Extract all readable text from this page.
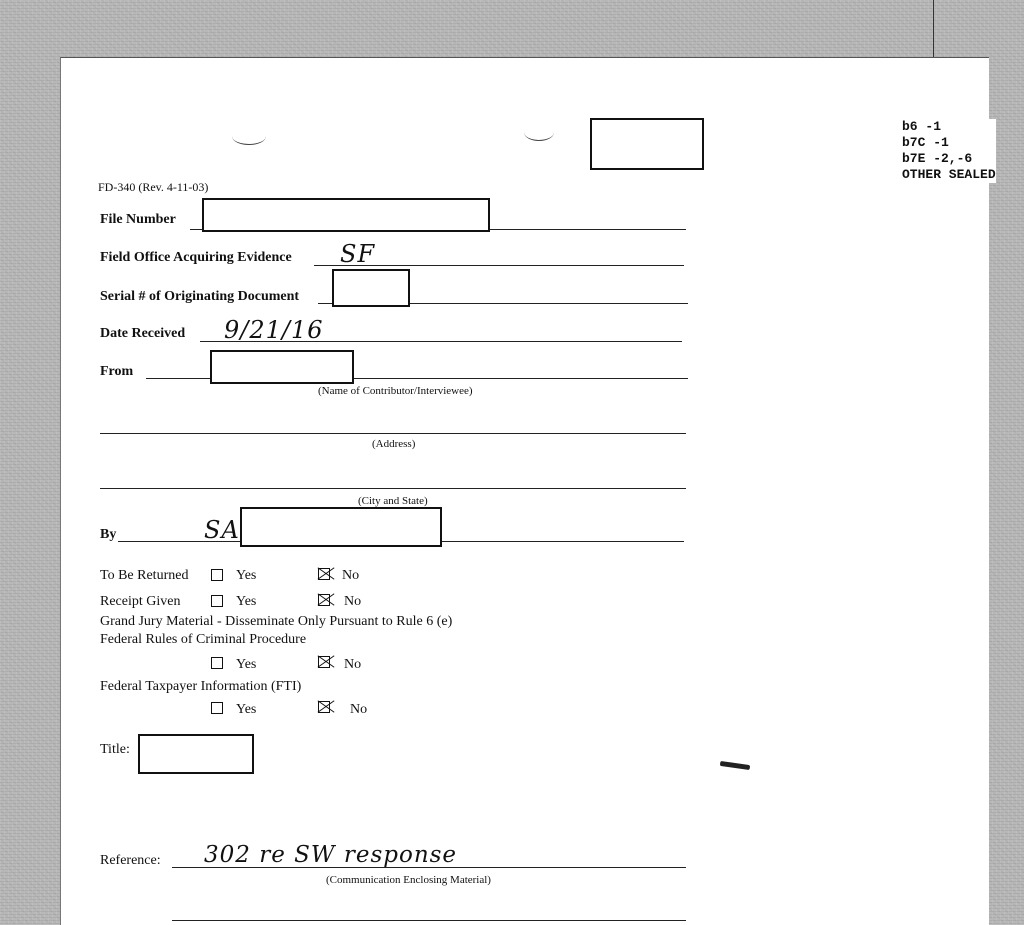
b6 -1
b7C -1
b7E -2,-6
OTHER SEALED
FD-340 (Rev. 4-11-03)
File Number
Field Office Acquiring Evidence SF
Serial # of Originating Document
Date Received 9/21/16
From
(Name of Contributor/Interviewee)
(Address)
(City and State)
By	SA
To Be Returned	Yes	No
Receipt Given	Yes	No
Grand Jury Material - Disseminate Only Pursuant to Rule 6 (e)
Federal Rules of Criminal Procedure
Yes	No
Federal Taxpayer Information (FTI)
Yes	No
Title:
Reference: 302 re SW response
(Communication Enclosing Material)
